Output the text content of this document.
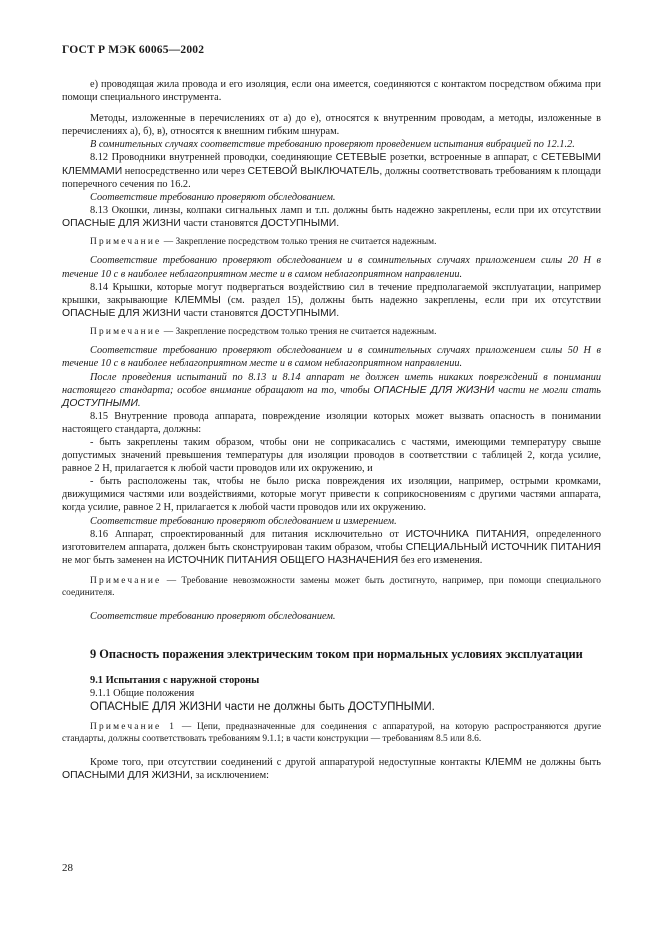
ГОСТ Р МЭК 60065—2002

е) проводящая жила провода и его изоляция, если она имеется, соединяются с контактом посредством обжима при помощи специального инструмента.

Методы, изложенные в перечислениях от а) до е), относятся к внутренним проводам, а методы, изложенные в перечислениях а), б), в), относятся к внешним гибким шнурам.

В сомнительных случаях соответствие требованию проверяют проведением испытания вибрацией по 12.1.2.

8.12 Проводники внутренней проводки, соединяющие СЕТЕВЫЕ розетки, встроенные в аппарат, с СЕТЕВЫМИ КЛЕММАМИ непосредственно или через СЕТЕВОЙ ВЫКЛЮЧАТЕЛЬ, должны соответствовать требованиям к площади поперечного сечения по 16.2.

Соответствие требованию проверяют обследованием.

8.13 Окошки, линзы, колпаки сигнальных ламп и т.п. должны быть надежно закреплены, если при их отсутствии ОПАСНЫЕ ДЛЯ ЖИЗНИ части становятся ДОСТУПНЫМИ.

Примечание — Закрепление посредством только трения не считается надежным.

Соответствие требованию проверяют обследованием и в сомнительных случаях приложением силы 20 Н в течение 10 с в наиболее неблагоприятном месте и в самом неблагоприятном направлении.

8.14 Крышки, которые могут подвергаться воздействию сил в течение предполагаемой эксплуатации, например крышки, закрывающие КЛЕММЫ (см. раздел 15), должны быть надежно закреплены, если при их отсутствии ОПАСНЫЕ ДЛЯ ЖИЗНИ части становятся ДОСТУПНЫМИ.

Примечание — Закрепление посредством только трения не считается надежным.

Соответствие требованию проверяют обследованием и в сомнительных случаях приложением силы 50 Н в течение 10 с в наиболее неблагоприятном месте и в самом неблагоприятном направлении.

После проведения испытаний по 8.13 и 8.14 аппарат не должен иметь никаких повреждений в понимании настоящего стандарта; особое внимание обращают на то, чтобы ОПАСНЫЕ ДЛЯ ЖИЗНИ части не могли стать ДОСТУПНЫМИ.

8.15 Внутренние провода аппарата, повреждение изоляции которых может вызвать опасность в понимании настоящего стандарта, должны:

- быть закреплены таким образом, чтобы они не соприкасались с частями, имеющими температуру свыше допустимых значений превышения температуры для изоляции проводов в соответствии с таблицей 2, когда усилие, равное 2 Н, прилагается к любой части проводов или их окружению, и

- быть расположены так, чтобы не было риска повреждения их изоляции, например, острыми кромками, движущимися частями или воздействиями, которые могут привести к соприкосновениям с другими частями аппарата, когда усилие, равное 2 Н, прилагается к любой части проводов или их окружению.

Соответствие требованию проверяют обследованием и измерением.

8.16 Аппарат, спроектированный для питания исключительно от ИСТОЧНИКА ПИТАНИЯ, определенного изготовителем аппарата, должен быть сконструирован таким образом, чтобы СПЕЦИАЛЬНЫЙ ИСТОЧНИК ПИТАНИЯ не мог быть заменен на ИСТОЧНИК ПИТАНИЯ ОБЩЕГО НАЗНАЧЕНИЯ без его изменения.

Примечание — Требование невозможности замены может быть достигнуто, например, при помощи специального соединителя.

Соответствие требованию проверяют обследованием.

9 Опасность поражения электрическим током при нормальных условиях эксплуатации

9.1 Испытания с наружной стороны

9.1.1 Общие положения

ОПАСНЫЕ ДЛЯ ЖИЗНИ части не должны быть ДОСТУПНЫМИ.

Примечание 1 — Цепи, предназначенные для соединения с аппаратурой, на которую распространяются другие стандарты, должны соответствовать требованиям 9.1.1; в части конструкции — требованиям 8.5 или 8.6.

Кроме того, при отсутствии соединений с другой аппаратурой недоступные контакты КЛЕММ не должны быть ОПАСНЫМИ ДЛЯ ЖИЗНИ, за исключением:

28
